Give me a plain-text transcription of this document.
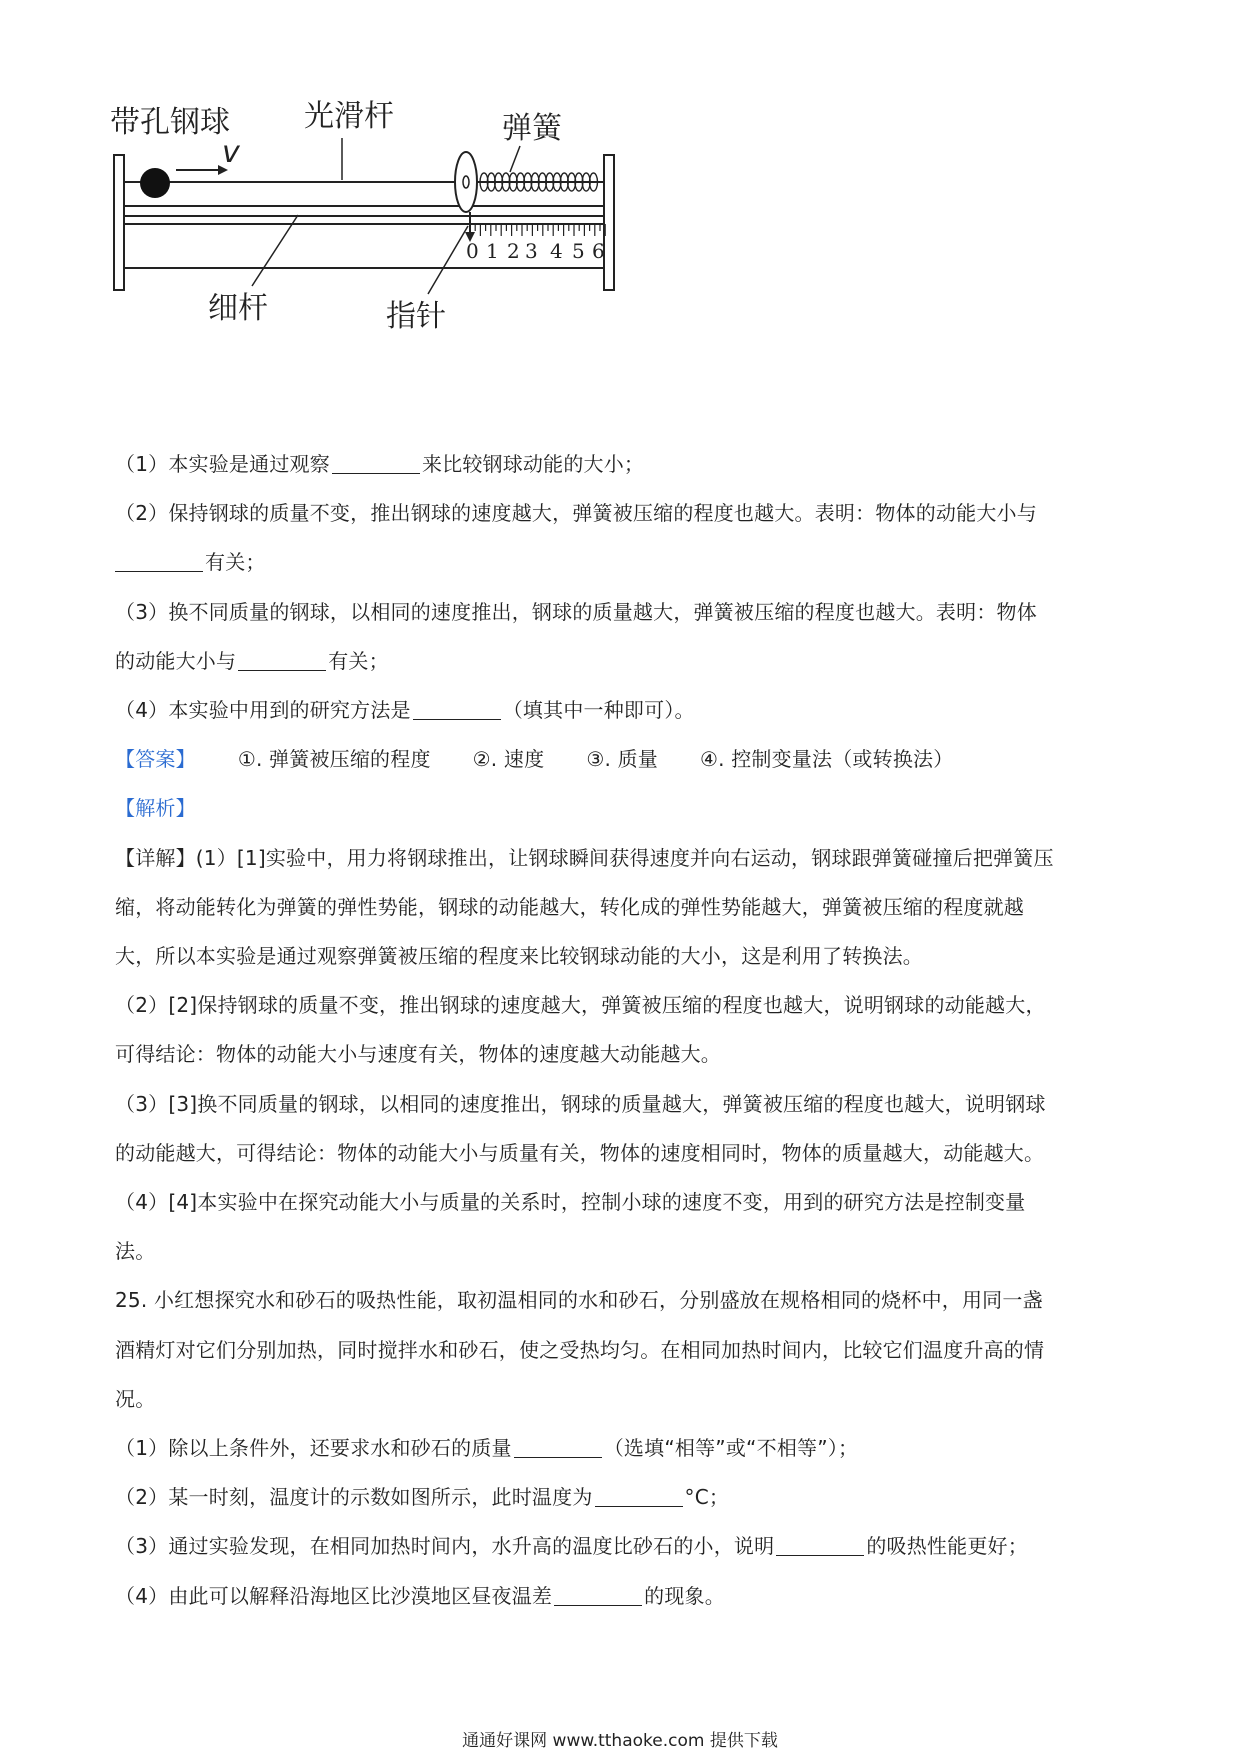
v
0 1 2 3 4 5 6
带孔钢球 光滑杆	弹簧
细杆	指针
（1）本实验是通过观察	来比较钢球动能的大小；
（2）保持钢球的质量不变，推出钢球的速度越大，弹簧被压缩的程度也越大。表明：物体的动能大小与
有关；
（3）换不同质量的钢球，以相同的速度推出，钢球的质量越大，弹簧被压缩的程度也越大。表明：物体
的动能大小与	有关；
（4）本实验中用到的研究方法是	（填其中一种即可）。
【答案】 ①. 弹簧被压缩的程度 ②. 速度 ③. 质量 ④. 控制变量法（或转换法）
【解析】
【详解】(1）[1]实验中，用力将钢球推出，让钢球瞬间获得速度并向右运动，钢球跟弹簧碰撞后把弹簧压
缩，将动能转化为弹簧的弹性势能，钢球的动能越大，转化成的弹性势能越大，弹簧被压缩的程度就越
大，所以本实验是通过观察弹簧被压缩的程度来比较钢球动能的大小，这是利用了转换法。
（2）[2]保持钢球的质量不变，推出钢球的速度越大，弹簧被压缩的程度也越大，说明钢球的动能越大，
可得结论：物体的动能大小与速度有关，物体的速度越大动能越大。
（3）[3]换不同质量的钢球，以相同的速度推出，钢球的质量越大，弹簧被压缩的程度也越大，说明钢球
的动能越大，可得结论：物体的动能大小与质量有关，物体的速度相同时，物体的质量越大，动能越大。
（4）[4]本实验中在探究动能大小与质量的关系时，控制小球的速度不变，用到的研究方法是控制变量
法。
25. 小红想探究水和砂石的吸热性能，取初温相同的水和砂石，分别盛放在规格相同的烧杯中，用同一盏
酒精灯对它们分别加热，同时搅拌水和砂石，使之受热均匀。在相同加热时间内，比较它们温度升高的情
况。
（1）除以上条件外，还要求水和砂石的质量	（选填“相等”或“不相等”）；
（2）某一时刻，温度计的示数如图所示，此时温度为	°C；
（3）通过实验发现，在相同加热时间内，水升高的温度比砂石的小，说明	的吸热性能更好；
（4）由此可以解释沿海地区比沙漠地区昼夜温差	的现象。
通通好课网 www.tthaoke.com 提供下载
